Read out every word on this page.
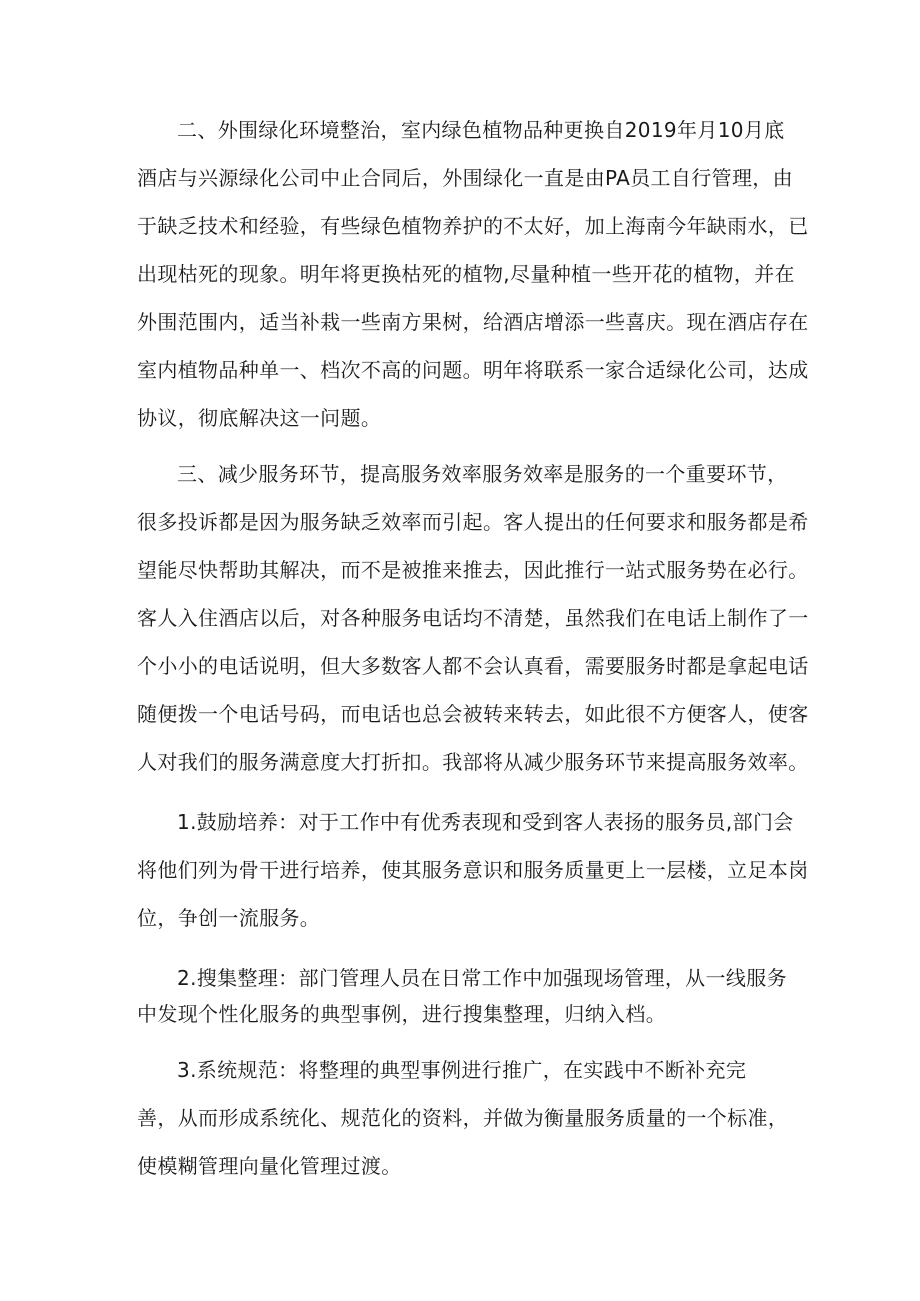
二、外围绿化环境整治，室内绿色植物品种更换自2019年月10月底
酒店与兴源绿化公司中止合同后，外围绿化一直是由PA员工自行管理，由
于缺乏技术和经验，有些绿色植物养护的不太好，加上海南今年缺雨水，已
出现枯死的现象。明年将更换枯死的植物,尽量种植一些开花的植物，并在
外围范围内，适当补栽一些南方果树，给酒店增添一些喜庆。现在酒店存在
室内植物品种单一、档次不高的问题。明年将联系一家合适绿化公司，达成
协议，彻底解决这一问题。
三、减少服务环节，提高服务效率服务效率是服务的一个重要环节，
很多投诉都是因为服务缺乏效率而引起。客人提出的任何要求和服务都是希
望能尽快帮助其解决，而不是被推来推去，因此推行一站式服务势在必行。
客人入住酒店以后，对各种服务电话均不清楚，虽然我们在电话上制作了一
个小小的电话说明，但大多数客人都不会认真看，需要服务时都是拿起电话
随便拨一个电话号码，而电话也总会被转来转去，如此很不方便客人，使客
人对我们的服务满意度大打折扣。我部将从减少服务环节来提高服务效率。
1.鼓励培养：对于工作中有优秀表现和受到客人表扬的服务员,部门会
将他们列为骨干进行培养，使其服务意识和服务质量更上一层楼，立足本岗
位，争创一流服务。
2.搜集整理：部门管理人员在日常工作中加强现场管理，从一线服务
中发现个性化服务的典型事例，进行搜集整理，归纳入档。
3.系统规范：将整理的典型事例进行推广，在实践中不断补充完
善，从而形成系统化、规范化的资料，并做为衡量服务质量的一个标准，
使模糊管理向量化管理过渡。
